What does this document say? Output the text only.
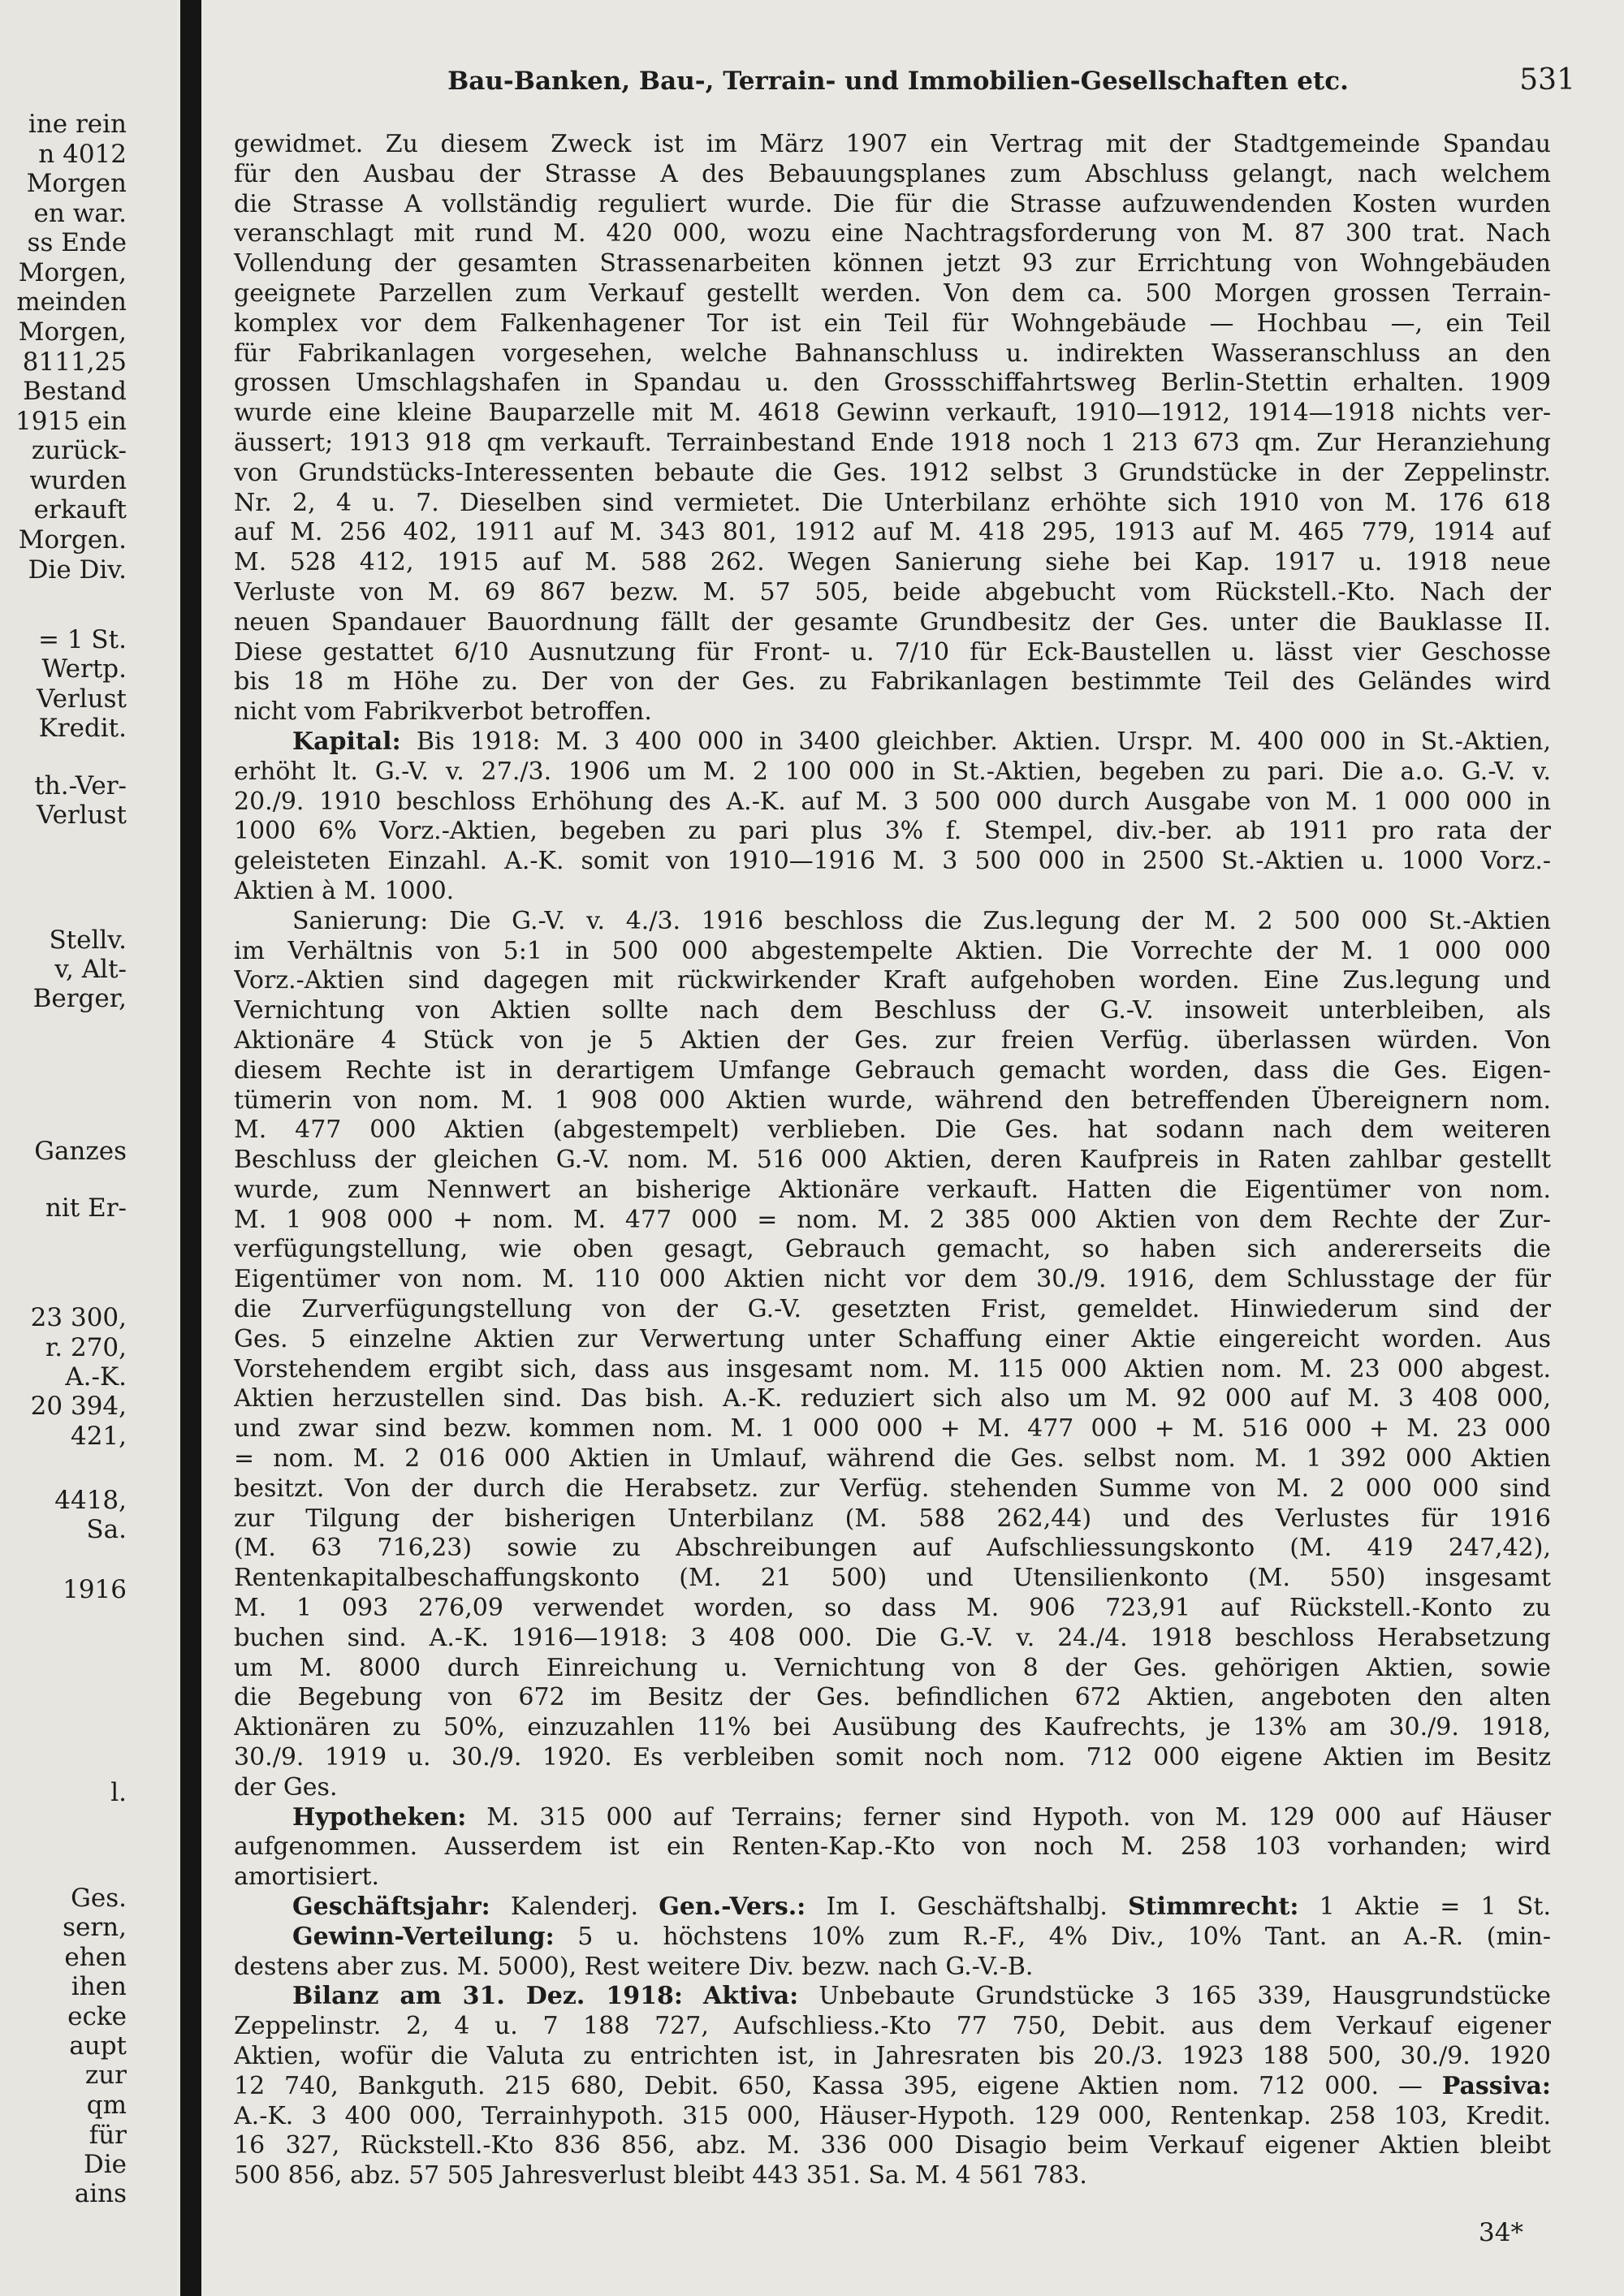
ine rein
n 4012
Morgen
en war.
ss Ende
Morgen,
meinden
Morgen,
8111,25
Bestand
1915 ein
zurück-
wurden
erkauft
Morgen.
Die Div.
= 1 St.
Wertp.
Verlust
Kredit.
th.-Ver-
Verlust
Stellv.
v, Alt-
Berger,
Ganzes
nit Er-
23 300,
r. 270,
A.-K.
20 394,
421,
4418,
Sa.
1916
l.
Ges.
sern,
ehen
ihen
ecke
aupt
zur
qm
für
Die
ains
Bau-Banken, Bau-, Terrain- und Immobilien-Gesellschaften etc.	531
gewidmet. Zu diesem Zweck ist im März 1907 ein Vertrag mit der Stadtgemeinde Spandau
für den Ausbau der Strasse A des Bebauungsplanes zum Abschluss gelangt, nach welchem
die Strasse A vollständig reguliert wurde. Die für die Strasse aufzuwendenden Kosten wurden
veranschlagt mit rund M. 420 000, wozu eine Nachtragsforderung von M. 87 300 trat. Nach
Vollendung der gesamten Strassenarbeiten können jetzt 93 zur Errichtung von Wohngebäuden
geeignete Parzellen zum Verkauf gestellt werden. Von dem ca. 500 Morgen grossen Terrain-
komplex vor dem Falkenhagener Tor ist ein Teil für Wohngebäude — Hochbau —, ein Teil
für Fabrikanlagen vorgesehen, welche Bahnanschluss u. indirekten Wasseranschluss an den
grossen Umschlagshafen in Spandau u. den Grossschiffahrtsweg Berlin-Stettin erhalten. 1909
wurde eine kleine Bauparzelle mit M. 4618 Gewinn verkauft, 1910—1912, 1914—1918 nichts ver-
äussert; 1913 918 qm verkauft. Terrainbestand Ende 1918 noch 1 213 673 qm. Zur Heranziehung
von Grundstücks-Interessenten bebaute die Ges. 1912 selbst 3 Grundstücke in der Zeppelinstr.
Nr. 2, 4 u. 7. Dieselben sind vermietet. Die Unterbilanz erhöhte sich 1910 von M. 176 618
auf M. 256 402, 1911 auf M. 343 801, 1912 auf M. 418 295, 1913 auf M. 465 779, 1914 auf
M. 528 412, 1915 auf M. 588 262. Wegen Sanierung siehe bei Kap. 1917 u. 1918 neue
Verluste von M. 69 867 bezw. M. 57 505, beide abgebucht vom Rückstell.-Kto. Nach der
neuen Spandauer Bauordnung fällt der gesamte Grundbesitz der Ges. unter die Bauklasse II.
Diese gestattet 6/10 Ausnutzung für Front- u. 7/10 für Eck-Baustellen u. lässt vier Geschosse
bis 18 m Höhe zu. Der von der Ges. zu Fabrikanlagen bestimmte Teil des Geländes wird
nicht vom Fabrikverbot betroffen.
Kapital: Bis 1918: M. 3 400 000 in 3400 gleichber. Aktien. Urspr. M. 400 000 in St.-Aktien,
erhöht lt. G.-V. v. 27./3. 1906 um M. 2 100 000 in St.-Aktien, begeben zu pari. Die a.o. G.-V. v.
20./9. 1910 beschloss Erhöhung des A.-K. auf M. 3 500 000 durch Ausgabe von M. 1 000 000 in
1000 6% Vorz.-Aktien, begeben zu pari plus 3% f. Stempel, div.-ber. ab 1911 pro rata der
geleisteten Einzahl. A.-K. somit von 1910—1916 M. 3 500 000 in 2500 St.-Aktien u. 1000 Vorz.-
Aktien à M. 1000.
Sanierung: Die G.-V. v. 4./3. 1916 beschloss die Zus.legung der M. 2 500 000 St.-Aktien
im Verhältnis von 5:1 in 500 000 abgestempelte Aktien. Die Vorrechte der M. 1 000 000
Vorz.-Aktien sind dagegen mit rückwirkender Kraft aufgehoben worden. Eine Zus.legung und
Vernichtung von Aktien sollte nach dem Beschluss der G.-V. insoweit unterbleiben, als
Aktionäre 4 Stück von je 5 Aktien der Ges. zur freien Verfüg. überlassen würden. Von
diesem Rechte ist in derartigem Umfange Gebrauch gemacht worden, dass die Ges. Eigen-
tümerin von nom. M. 1 908 000 Aktien wurde, während den betreffenden Übereignern nom.
M. 477 000 Aktien (abgestempelt) verblieben. Die Ges. hat sodann nach dem weiteren
Beschluss der gleichen G.-V. nom. M. 516 000 Aktien, deren Kaufpreis in Raten zahlbar gestellt
wurde, zum Nennwert an bisherige Aktionäre verkauft. Hatten die Eigentümer von nom.
M. 1 908 000 + nom. M. 477 000 = nom. M. 2 385 000 Aktien von dem Rechte der Zur-
verfügungstellung, wie oben gesagt, Gebrauch gemacht, so haben sich andererseits die
Eigentümer von nom. M. 110 000 Aktien nicht vor dem 30./9. 1916, dem Schlusstage der für
die Zurverfügungstellung von der G.-V. gesetzten Frist, gemeldet. Hinwiederum sind der
Ges. 5 einzelne Aktien zur Verwertung unter Schaffung einer Aktie eingereicht worden. Aus
Vorstehendem ergibt sich, dass aus insgesamt nom. M. 115 000 Aktien nom. M. 23 000 abgest.
Aktien herzustellen sind. Das bish. A.-K. reduziert sich also um M. 92 000 auf M. 3 408 000,
und zwar sind bezw. kommen nom. M. 1 000 000 + M. 477 000 + M. 516 000 + M. 23 000
= nom. M. 2 016 000 Aktien in Umlauf, während die Ges. selbst nom. M. 1 392 000 Aktien
besitzt. Von der durch die Herabsetz. zur Verfüg. stehenden Summe von M. 2 000 000 sind
zur Tilgung der bisherigen Unterbilanz (M. 588 262,44) und des Verlustes für 1916
(M. 63 716,23) sowie zu Abschreibungen auf Aufschliessungskonto (M. 419 247,42),
Rentenkapitalbeschaffungskonto (M. 21 500) und Utensilienkonto (M. 550) insgesamt
M. 1 093 276,09 verwendet worden, so dass M. 906 723,91 auf Rückstell.-Konto zu
buchen sind. A.-K. 1916—1918: 3 408 000. Die G.-V. v. 24./4. 1918 beschloss Herabsetzung
um M. 8000 durch Einreichung u. Vernichtung von 8 der Ges. gehörigen Aktien, sowie
die Begebung von 672 im Besitz der Ges. befindlichen 672 Aktien, angeboten den alten
Aktionären zu 50%, einzuzahlen 11% bei Ausübung des Kaufrechts, je 13% am 30./9. 1918,
30./9. 1919 u. 30./9. 1920. Es verbleiben somit noch nom. 712 000 eigene Aktien im Besitz
der Ges.
Hypotheken: M. 315 000 auf Terrains; ferner sind Hypoth. von M. 129 000 auf Häuser
aufgenommen. Ausserdem ist ein Renten-Kap.-Kto von noch M. 258 103 vorhanden; wird
amortisiert.
Geschäftsjahr: Kalenderj. Gen.-Vers.: Im I. Geschäftshalbj. Stimmrecht: 1 Aktie = 1 St.
Gewinn-Verteilung: 5 u. höchstens 10% zum R.-F., 4% Div., 10% Tant. an A.-R. (min-
destens aber zus. M. 5000), Rest weitere Div. bezw. nach G.-V.-B.
Bilanz am 31. Dez. 1918: Aktiva: Unbebaute Grundstücke 3 165 339, Hausgrundstücke
Zeppelinstr. 2, 4 u. 7 188 727, Aufschliess.-Kto 77 750, Debit. aus dem Verkauf eigener
Aktien, wofür die Valuta zu entrichten ist, in Jahresraten bis 20./3. 1923 188 500, 30./9. 1920
12 740, Bankguth. 215 680, Debit. 650, Kassa 395, eigene Aktien nom. 712 000. — Passiva:
A.-K. 3 400 000, Terrainhypoth. 315 000, Häuser-Hypoth. 129 000, Rentenkap. 258 103, Kredit.
16 327, Rückstell.-Kto 836 856, abz. M. 336 000 Disagio beim Verkauf eigener Aktien bleibt
500 856, abz. 57 505 Jahresverlust bleibt 443 351. Sa. M. 4 561 783.
34*
